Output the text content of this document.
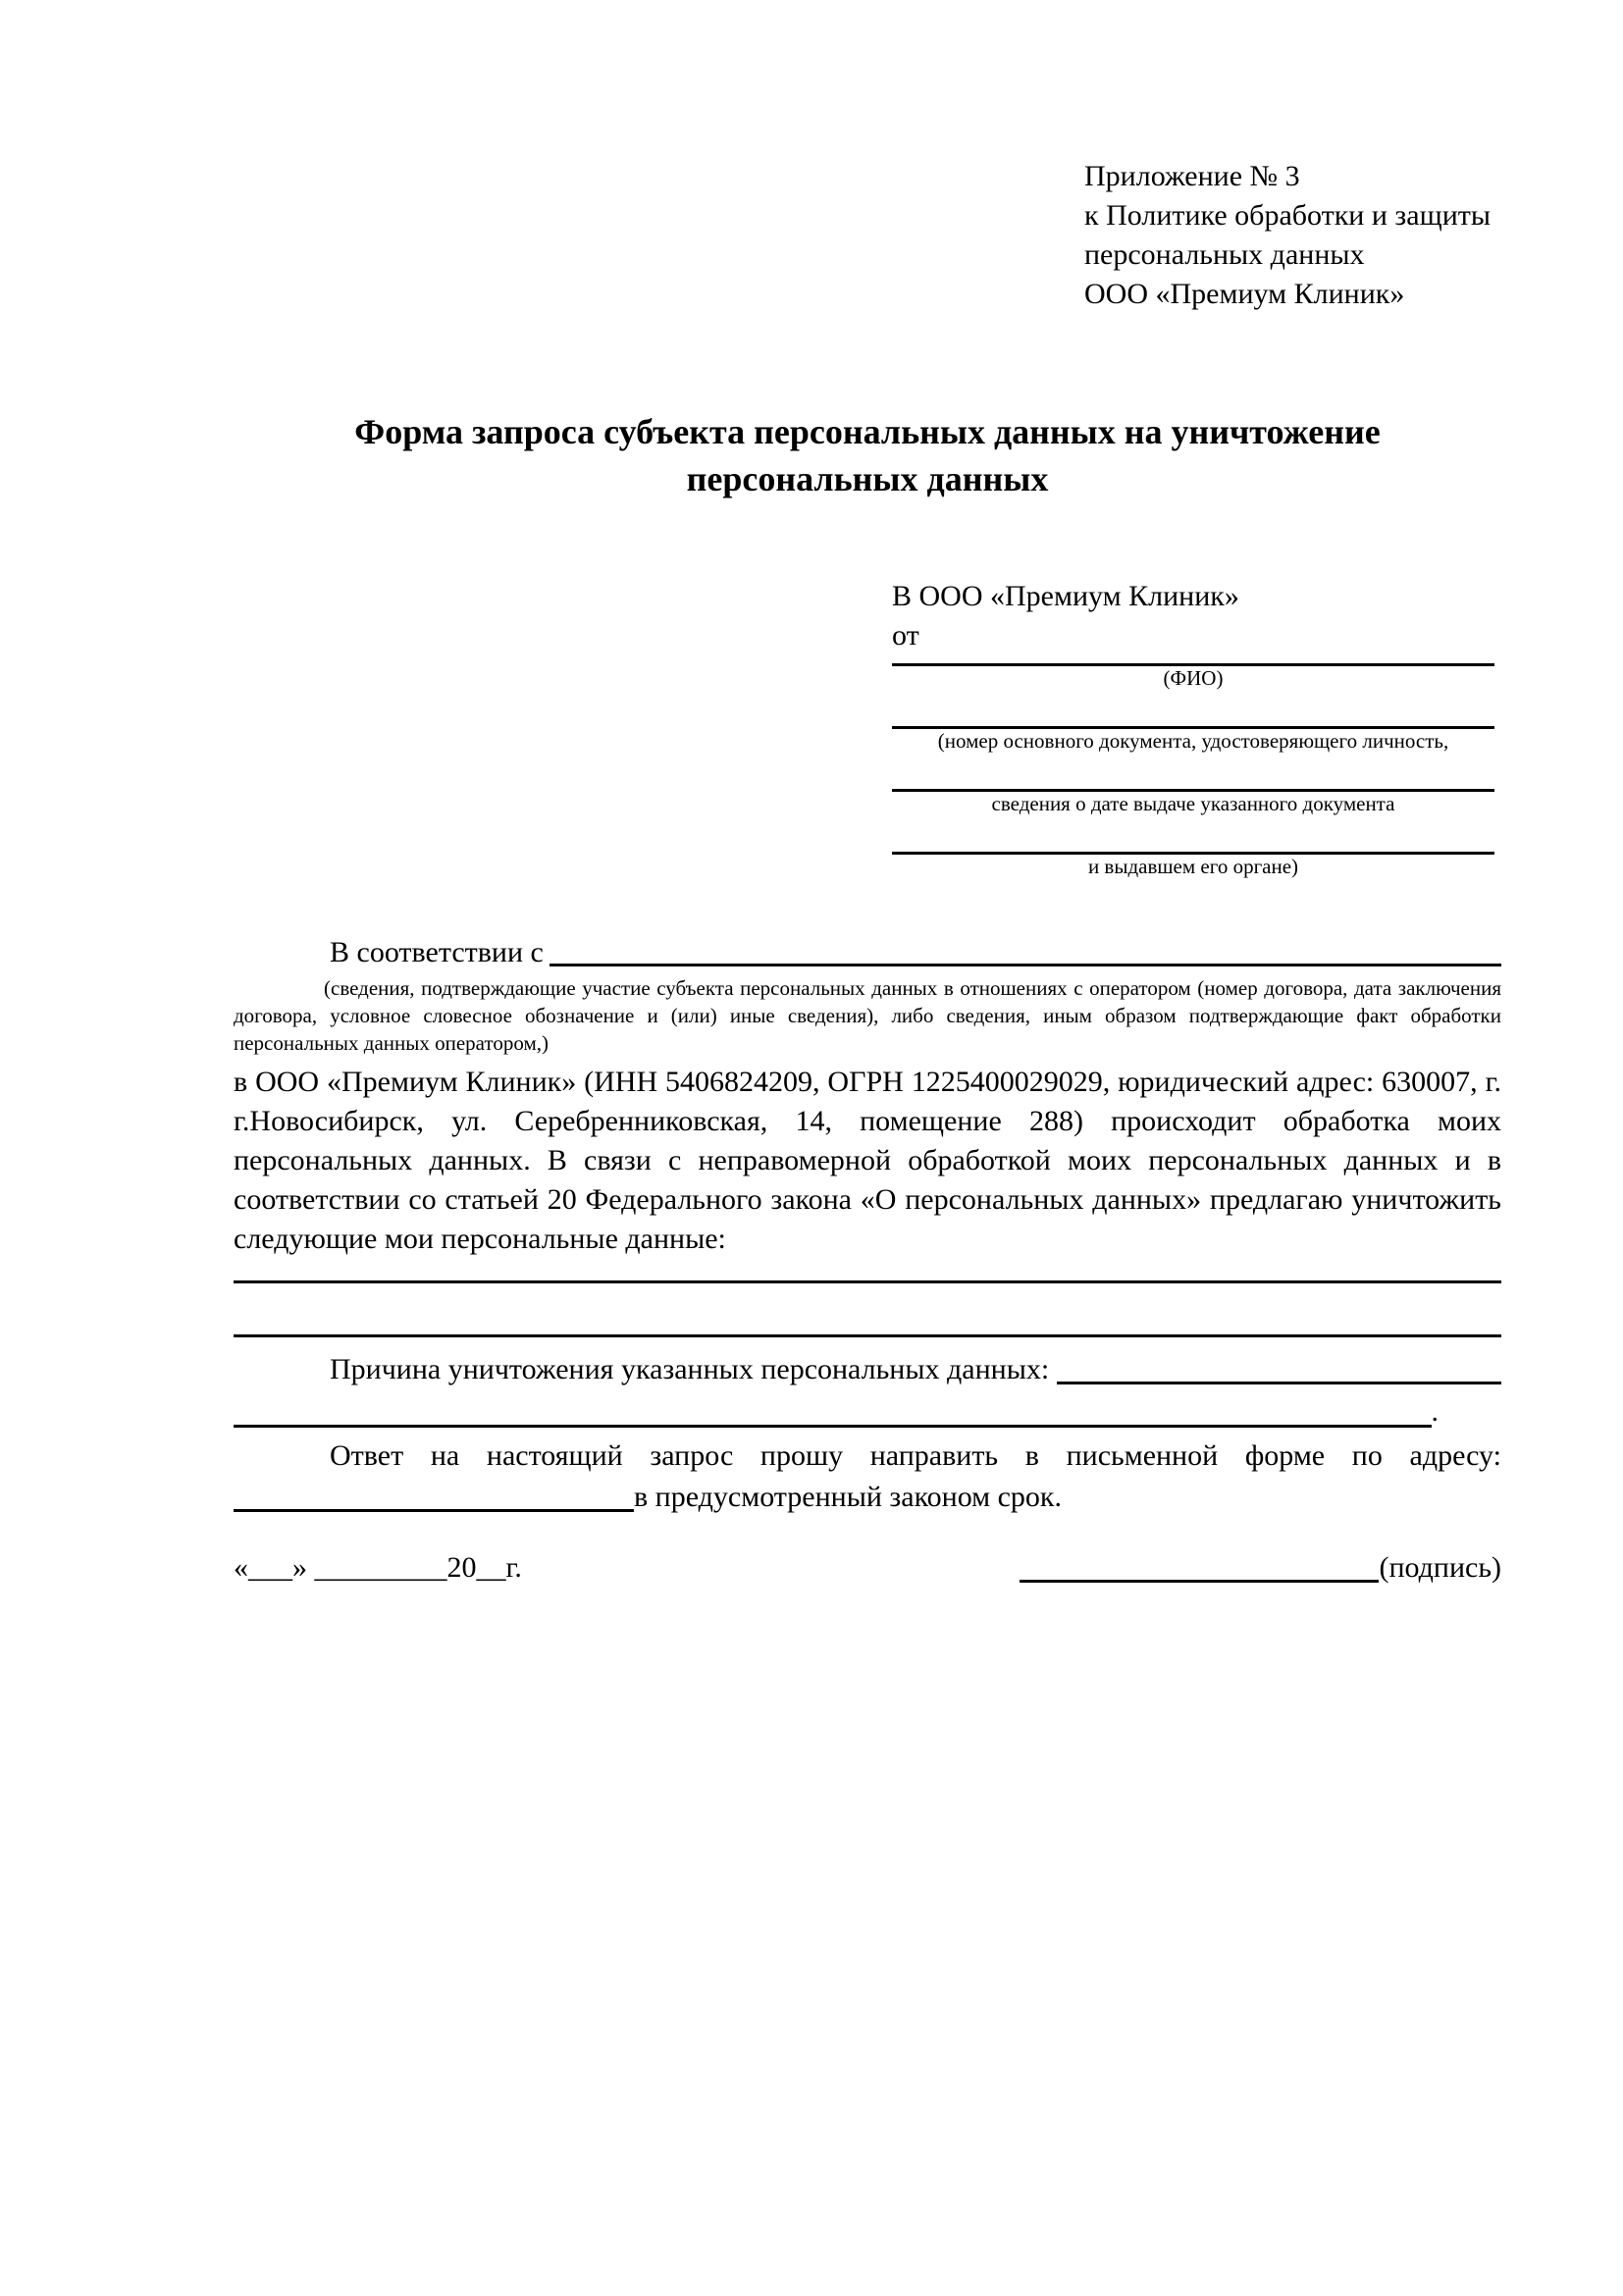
Приложение № 3
к Политике обработки и защиты
персональных данных
ООО «Премиум Клиник»
Форма запроса субъекта персональных данных на уничтожение
персональных данных
В ООО «Премиум Клиник»
от
(ФИО)
(номер основного документа, удостоверяющего личность,
сведения о дате выдаче указанного документа
и выдавшем его органе)
В соответствии с

(сведения, подтверждающие участие субъекта персональных данных в отношениях с оператором (номер договора, дата заключения договора, условное словесное обозначение и (или) иные сведения), либо сведения, иным образом подтверждающие факт обработки персональных данных оператором,)

в ООО «Премиум Клиник» (ИНН 5406824209, ОГРН 1225400029029, юридический адрес: 630007, г. г.Новосибирск, ул. Серебренниковская, 14, помещение 288) происходит обработка моих персональных данных. В связи с неправомерной обработкой моих персональных данных и в соответствии со статьей 20 Федерального закона «О персональных данных» предлагаю уничтожить следующие мои персональные данные:

Причина уничтожения указанных персональных данных:
.

Ответ на настоящий запрос прошу направить в письменной форме по адресу:

в предусмотренный законом срок.
«___» _________20__г.	(подпись)
